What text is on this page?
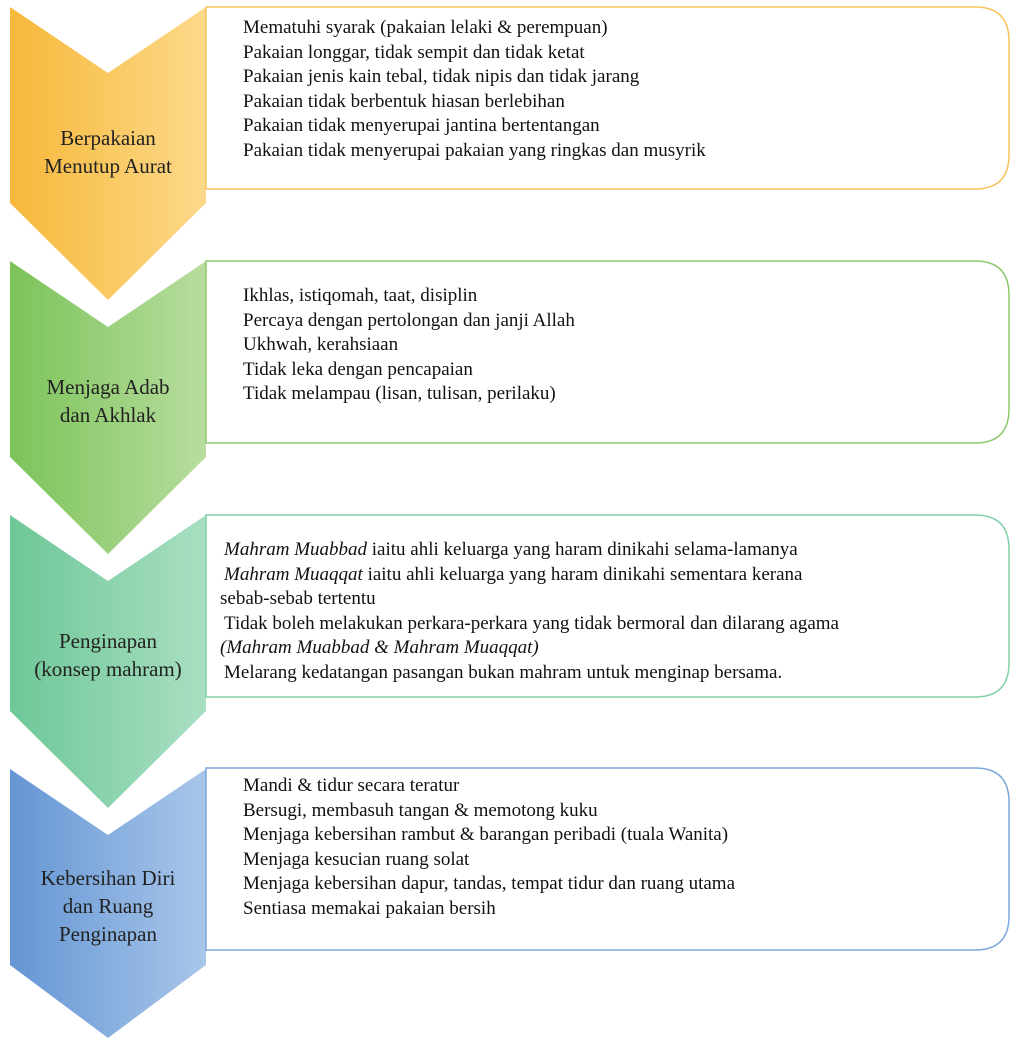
Berpakaian
Menutup Aurat
Menjaga Adab
dan Akhlak
Penginapan
(konsep mahram)
Kebersihan Diri
dan Ruang
Penginapan
Mematuhi syarak (pakaian lelaki & perempuan)
Pakaian longgar, tidak sempit dan tidak ketat
Pakaian jenis kain tebal, tidak nipis dan tidak jarang
Pakaian tidak berbentuk hiasan berlebihan
Pakaian tidak menyerupai jantina bertentangan
Pakaian tidak menyerupai pakaian yang ringkas dan musyrik
Ikhlas, istiqomah, taat, disiplin
Percaya dengan pertolongan dan janji Allah
Ukhwah, kerahsiaan
Tidak leka dengan pencapaian
Tidak melampau (lisan, tulisan, perilaku)
Mahram Muabbad iaitu ahli keluarga yang haram dinikahi selama-lamanya
Mahram Muaqqat iaitu ahli keluarga yang haram dinikahi sementara kerana
sebab-sebab tertentu
Tidak boleh melakukan perkara-perkara yang tidak bermoral dan dilarang agama
(Mahram Muabbad & Mahram Muaqqat)
Melarang kedatangan pasangan bukan mahram untuk menginap bersama.
Mandi & tidur secara teratur
Bersugi, membasuh tangan & memotong kuku
Menjaga kebersihan rambut & barangan peribadi (tuala Wanita)
Menjaga kesucian ruang solat
Menjaga kebersihan dapur, tandas, tempat tidur dan ruang utama
Sentiasa memakai pakaian bersih
